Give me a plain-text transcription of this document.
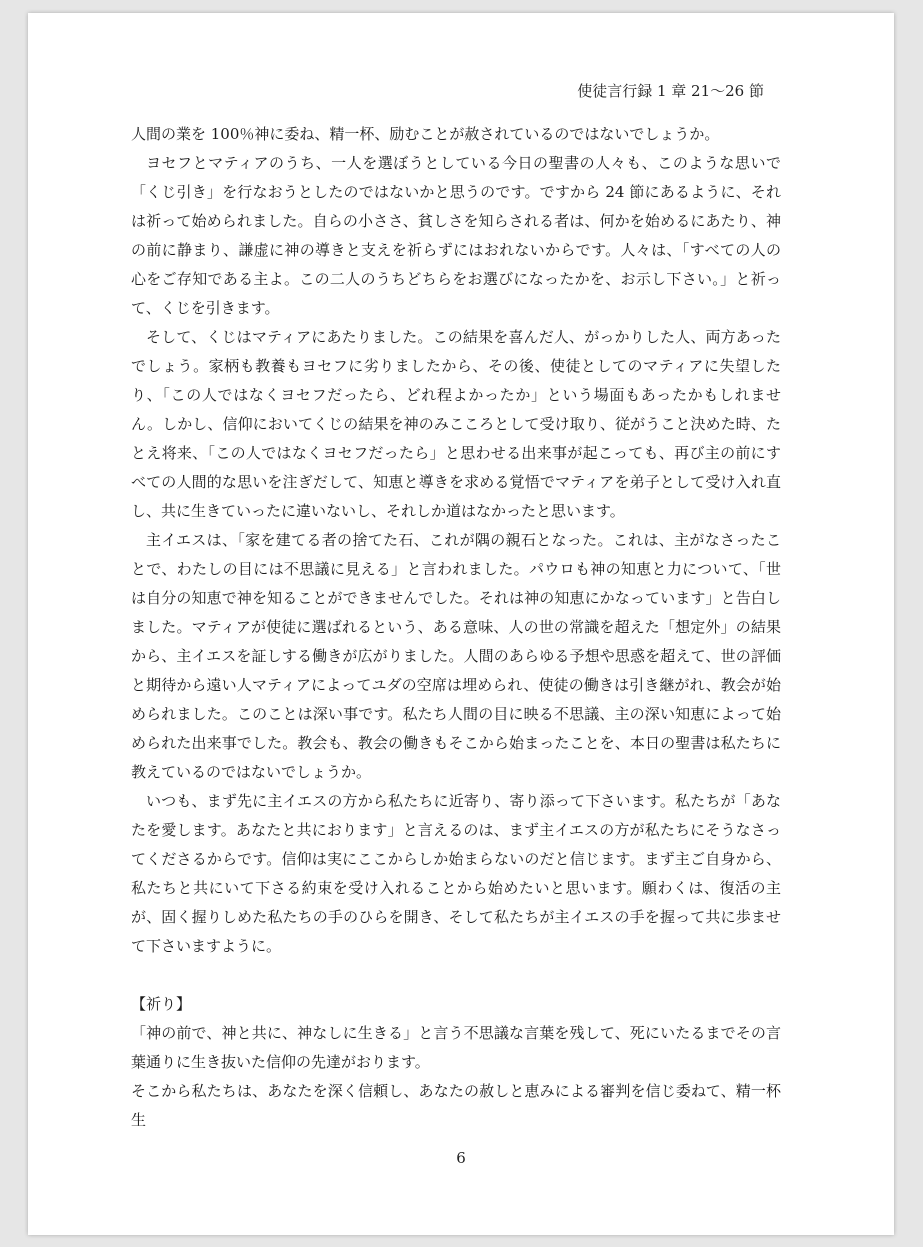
使徒言行録 1 章 21～26 節

人間の業を 100％神に委ね、精一杯、励むことが赦されているのではないでしょうか。

ヨセフとマティアのうち、一人を選ぼうとしている今日の聖書の人々も、このような思いで「くじ引き」を行なおうとしたのではないかと思うのです。ですから 24 節にあるように、それは祈って始められました。自らの小ささ、貧しさを知らされる者は、何かを始めるにあたり、神の前に静まり、謙虚に神の導きと支えを祈らずにはおれないからです。人々は、「すべての人の心をご存知である主よ。この二人のうちどちらをお選びになったかを、お示し下さい。」と祈って、くじを引きます。

そして、くじはマティアにあたりました。この結果を喜んだ人、がっかりした人、両方あったでしょう。家柄も教養もヨセフに劣りましたから、その後、使徒としてのマティアに失望したり、「この人ではなくヨセフだったら、どれ程よかったか」という場面もあったかもしれません。しかし、信仰においてくじの結果を神のみこころとして受け取り、従がうこと決めた時、たとえ将来、「この人ではなくヨセフだったら」と思わせる出来事が起こっても、再び主の前にすべての人間的な思いを注ぎだして、知恵と導きを求める覚悟でマティアを弟子として受け入れ直し、共に生きていったに違いないし、それしか道はなかったと思います。

主イエスは、「家を建てる者の捨てた石、これが隅の親石となった。これは、主がなさったことで、わたしの目には不思議に見える」と言われました。パウロも神の知恵と力について、「世は自分の知恵で神を知ることができませんでした。それは神の知恵にかなっています」と告白しました。マティアが使徒に選ばれるという、ある意味、人の世の常識を超えた「想定外」の結果から、主イエスを証しする働きが広がりました。人間のあらゆる予想や思惑を超えて、世の評価と期待から遠い人マティアによってユダの空席は埋められ、使徒の働きは引き継がれ、教会が始められました。このことは深い事です。私たち人間の目に映る不思議、主の深い知恵によって始められた出来事でした。教会も、教会の働きもそこから始まったことを、本日の聖書は私たちに教えているのではないでしょうか。

いつも、まず先に主イエスの方から私たちに近寄り、寄り添って下さいます。私たちが「あなたを愛します。あなたと共におります」と言えるのは、まず主イエスの方が私たちにそうなさってくださるからです。信仰は実にここからしか始まらないのだと信じます。まず主ご自身から、私たちと共にいて下さる約束を受け入れることから始めたいと思います。願わくは、復活の主が、固く握りしめた私たちの手のひらを開き、そして私たちが主イエスの手を握って共に歩ませて下さいますように。

【祈り】

「神の前で、神と共に、神なしに生きる」と言う不思議な言葉を残して、死にいたるまでその言葉通りに生き抜いた信仰の先達がおります。

そこから私たちは、あなたを深く信頼し、あなたの赦しと恵みによる審判を信じ委ねて、精一杯生

6
